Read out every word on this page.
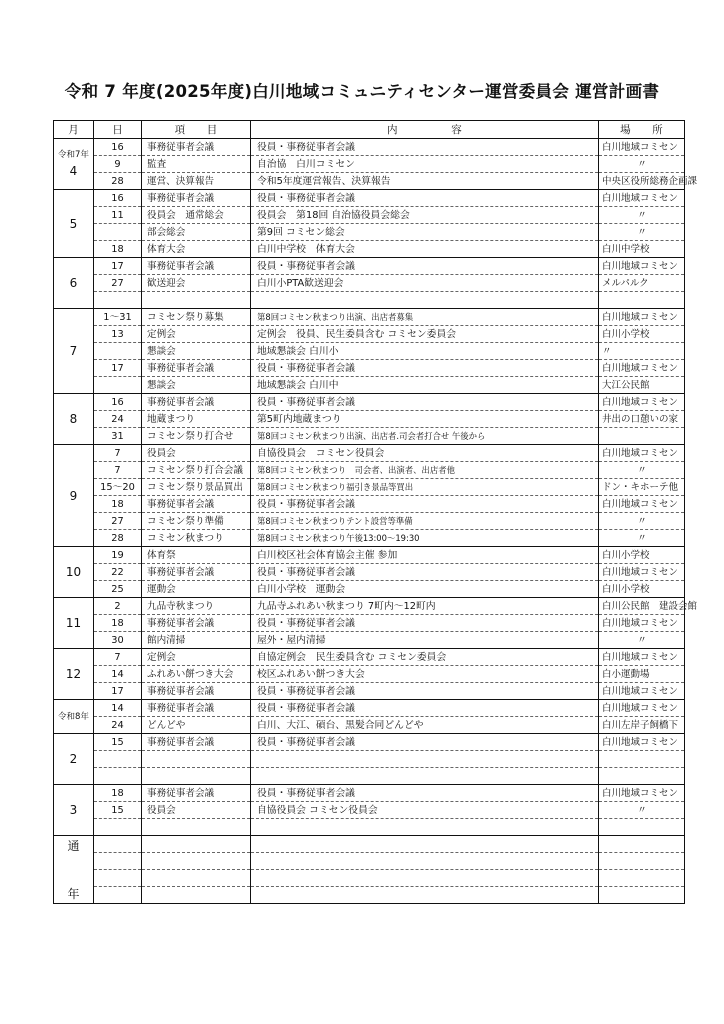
令和 7 年度(2025年度)白川地域コミュニティセンター運営委員会 運営計画書
月	日	項　　目	内　　　　　容	場　　所

令和7年
4	16	事務従事者会議	役員・事務従事者会議	白川地域コミセン
	9	監査	自治協　白川コミセン	〃
	28	運営、決算報告	令和5年度運営報告、決算報告	中央区役所総務企画課
5	16	事務従事者会議	役員・事務従事者会議	白川地域コミセン
	11	役員会　通常総会	役員会　第18回 自治協役員会総会	〃
		部会総会	第9回 コミセン総会	〃
	18	体育大会	白川中学校　体育大会	白川中学校
6	17	事務従事者会議	役員・事務従事者会議	白川地域コミセン
	27	歓送迎会	白川小PTA歓送迎会	メルパルク

7	1～31	コミセン祭り募集	第8回コミセン秋まつり出演、出店者募集	白川地域コミセン
	13	定例会	定例会　役員、民生委員含む コミセン委員会	白川小学校
		懇談会	地域懇談会 白川小	〃
	17	事務従事者会議	役員・事務従事者会議	白川地域コミセン
		懇談会	地域懇談会 白川中	大江公民館
8	16	事務従事者会議	役員・事務従事者会議	白川地域コミセン
	24	地蔵まつり	第5町内地蔵まつり	井出の口憩いの家
	31	コミセン祭り打合せ	第8回コミセン秋まつり出演、出店者.司会者打合せ 午後から	
9	7	役員会	自協役員会　コミセン役員会	白川地域コミセン
	7	コミセン祭り打合会議	第8回コミセン秋まつり　司会者、出演者、出店者他	〃
	15～20	コミセン祭り景品買出	第8回コミセン秋まつり福引き景品等買出	ドン・キホーテ他
	18	事務従事者会議	役員・事務従事者会議	白川地域コミセン
	27	コミセン祭り準備	第8回コミセン秋まつりテント設営等準備	〃
	28	コミセン秋まつり	第8回コミセン秋まつり午後13:00～19:30	〃
10	19	体育祭	白川校区社会体育協会主催 参加	白川小学校
	22	事務従事者会議	役員・事務従事者会議	白川地域コミセン
	25	運動会	白川小学校　運動会	白川小学校
11	2	九品寺秋まつり	九品寺ふれあい秋まつり 7町内～12町内	白川公民館　建設会館
	18	事務従事者会議	役員・事務従事者会議	白川地域コミセン
	30	館内清掃	屋外・屋内清掃	〃
12	7	定例会	自協定例会　民生委員含む コミセン委員会	白川地域コミセン
	14	ふれあい餅つき大会	校区ふれあい餅つき大会	白小運動場
	17	事務従事者会議	役員・事務従事者会議	白川地域コミセン

令和8年	14	事務従事者会議	役員・事務従事者会議	白川地域コミセン
	24	どんどや	白川、大江、碩台、黒髪合同どんどや	白川左岸子飼橋下
2	15	事務従事者会議	役員・事務従事者会議	白川地域コミセン

3	18	事務従事者会議	役員・事務従事者会議	白川地域コミセン
	15	役員会	自協役員会 コミセン役員会	〃

通
年				
